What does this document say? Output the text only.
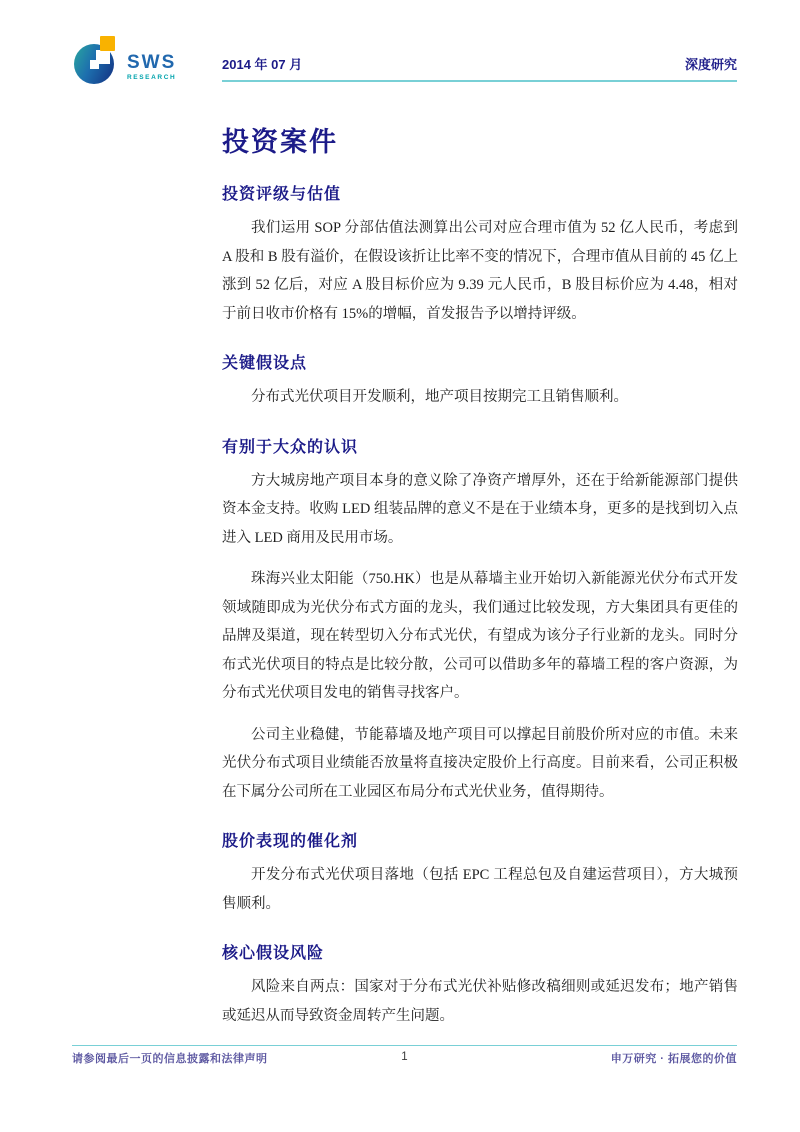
SWS
RESEARCH
2014 年 07 月	深度研究
投资案件
投资评级与估值

我们运用 SOP 分部估值法测算出公司对应合理市值为 52 亿人民币，考虑到 A 股和 B 股有溢价，在假设该折让比率不变的情况下，合理市值从目前的 45 亿上涨到 52 亿后，对应 A 股目标价应为 9.39 元人民币，B 股目标价应为 4.48，相对于前日收市价格有 15%的增幅，首发报告予以增持评级。

关键假设点

分布式光伏项目开发顺利，地产项目按期完工且销售顺利。

有别于大众的认识

方大城房地产项目本身的意义除了净资产增厚外，还在于给新能源部门提供资本金支持。收购 LED 组装品牌的意义不是在于业绩本身，更多的是找到切入点进入 LED 商用及民用市场。

珠海兴业太阳能（750.HK）也是从幕墙主业开始切入新能源光伏分布式开发领域随即成为光伏分布式方面的龙头，我们通过比较发现，方大集团具有更佳的品牌及渠道，现在转型切入分布式光伏，有望成为该分子行业新的龙头。同时分布式光伏项目的特点是比较分散，公司可以借助多年的幕墙工程的客户资源，为分布式光伏项目发电的销售寻找客户。

公司主业稳健，节能幕墙及地产项目可以撑起目前股价所对应的市值。未来光伏分布式项目业绩能否放量将直接决定股价上行高度。目前来看，公司正积极在下属分公司所在工业园区布局分布式光伏业务，值得期待。

股价表现的催化剂

开发分布式光伏项目落地（包括 EPC 工程总包及自建运营项目），方大城预售顺利。

核心假设风险

风险来自两点：国家对于分布式光伏补贴修改稿细则或延迟发布；地产销售或延迟从而导致资金周转产生问题。

请参阅最后一页的信息披露和法律声明	1	申万研究 · 拓展您的价值
